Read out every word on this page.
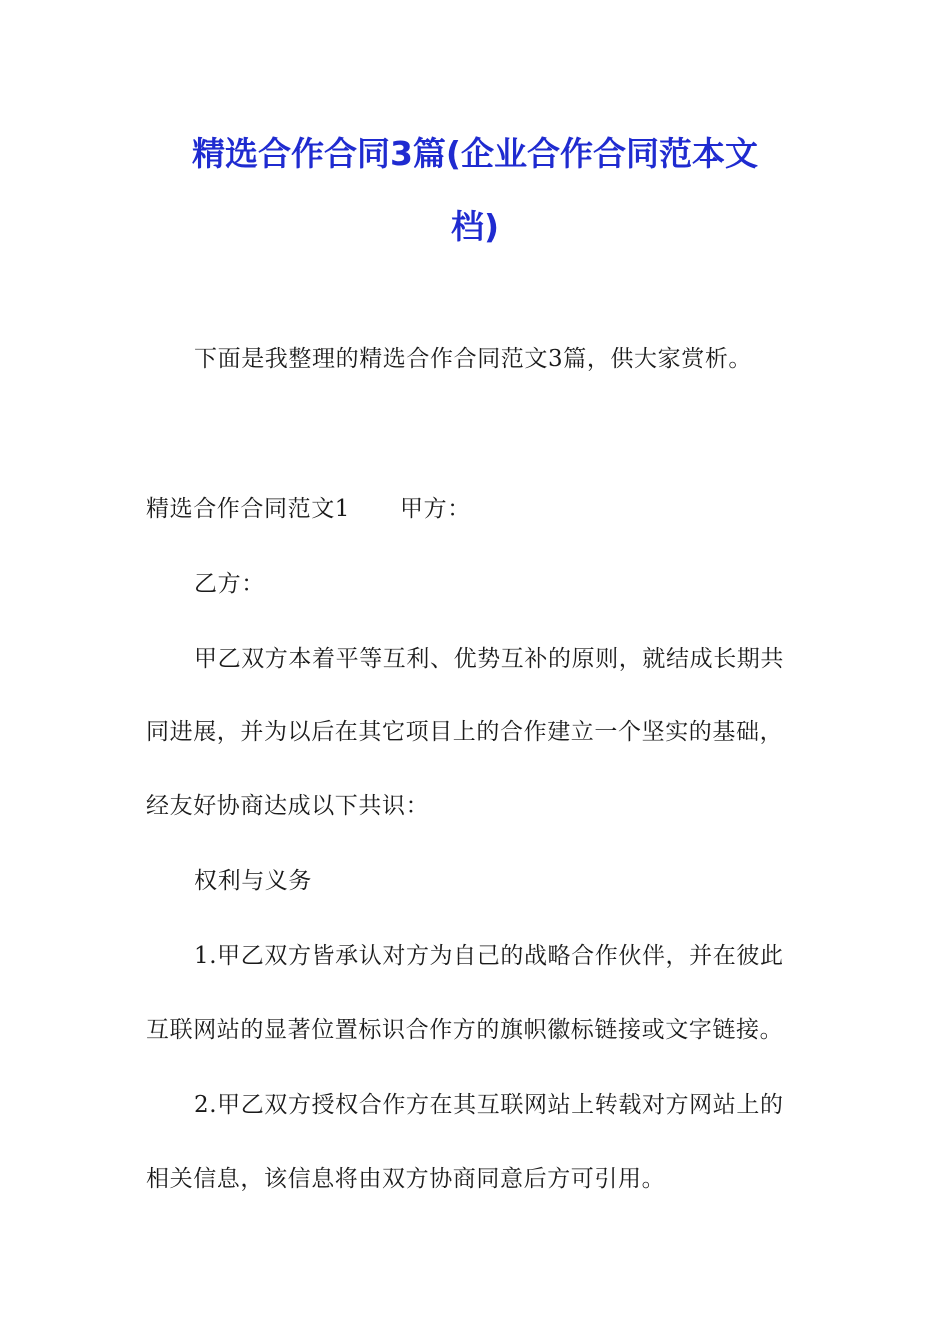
精选合作合同3篇(企业合作合同范本文
档)
下面是我整理的精选合作合同范文3篇，供大家赏析。
精选合作合同范文1 甲方：
乙方：
甲乙双方本着平等互利、优势互补的原则，就结成长期共
同进展，并为以后在其它项目上的合作建立一个坚实的基础，
经友好协商达成以下共识：
权利与义务
1.甲乙双方皆承认对方为自己的战略合作伙伴，并在彼此
互联网站的显著位置标识合作方的旗帜徽标链接或文字链接。
2.甲乙双方授权合作方在其互联网站上转载对方网站上的
相关信息，该信息将由双方协商同意后方可引用。
